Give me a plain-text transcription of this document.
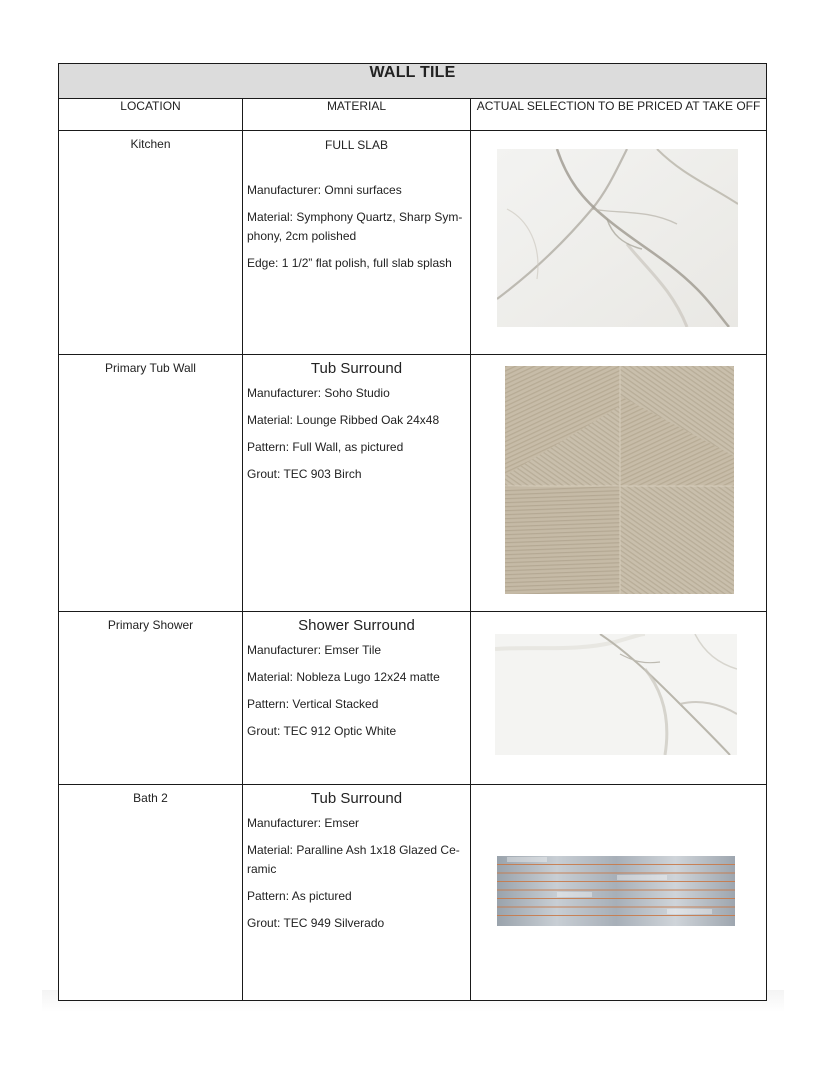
WALL TILE		
LOCATION	MATERIAL	ACTUAL SELECTION TO BE PRICED AT TAKE OFF
Kitchen	FULL SLAB

Manufacturer: Omni surfaces

Material: Symphony Quartz, Sharp Sym-phony, 2cm polished

Edge: 1 1/2” flat polish, full slab splash

Primary Tub Wall	Tub Surround

Manufacturer: Soho Studio

Material: Lounge Ribbed Oak 24x48

Pattern: Full Wall, as pictured

Grout: TEC 903 Birch

Primary Shower	Shower Surround

Manufacturer: Emser Tile

Material: Nobleza Lugo 12x24 matte

Pattern: Vertical Stacked

Grout: TEC 912 Optic White

Bath 2	Tub Surround

Manufacturer: Emser

Material: Paralline Ash 1x18 Glazed Ce-ramic

Pattern: As pictured

Grout: TEC 949 Silverado
